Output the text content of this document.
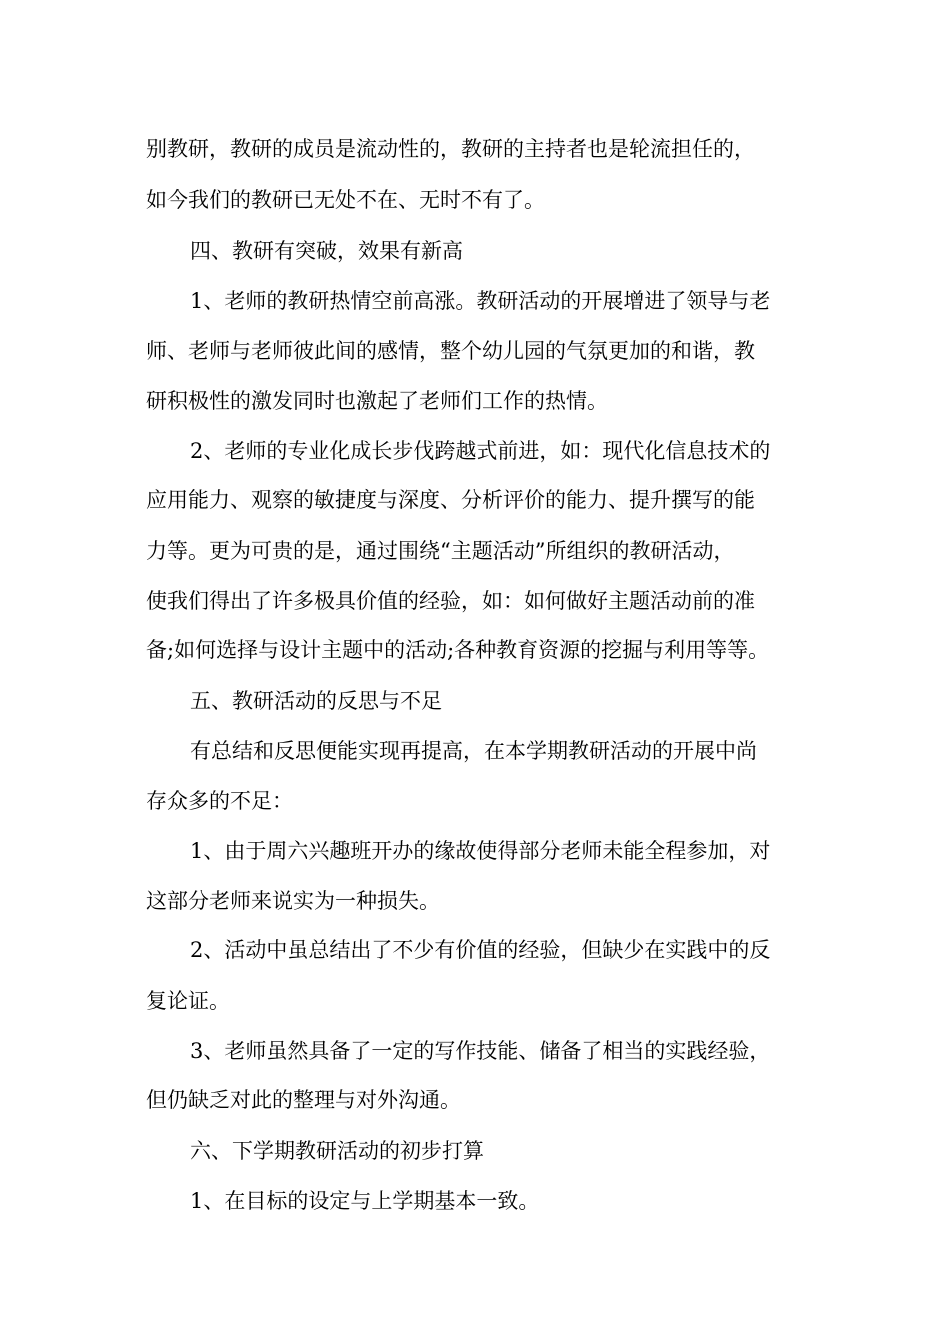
别教研，教研的成员是流动性的，教研的主持者也是轮流担任的，
如今我们的教研已无处不在、无时不有了。
四、教研有突破，效果有新高
1、老师的教研热情空前高涨。教研活动的开展增进了领导与老
师、老师与老师彼此间的感情，整个幼儿园的气氛更加的和谐，教
研积极性的激发同时也激起了老师们工作的热情。
2、老师的专业化成长步伐跨越式前进，如：现代化信息技术的
应用能力、观察的敏捷度与深度、分析评价的能力、提升撰写的能
力等。更为可贵的是，通过围绕“主题活动”所组织的教研活动，
使我们得出了许多极具价值的经验，如：如何做好主题活动前的准
备;如何选择与设计主题中的活动;各种教育资源的挖掘与利用等等。
五、教研活动的反思与不足
有总结和反思便能实现再提高，在本学期教研活动的开展中尚
存众多的不足：
1、由于周六兴趣班开办的缘故使得部分老师未能全程参加，对
这部分老师来说实为一种损失。
2、活动中虽总结出了不少有价值的经验，但缺少在实践中的反
复论证。
3、老师虽然具备了一定的写作技能、储备了相当的实践经验，
但仍缺乏对此的整理与对外沟通。
六、下学期教研活动的初步打算
1、在目标的设定与上学期基本一致。
